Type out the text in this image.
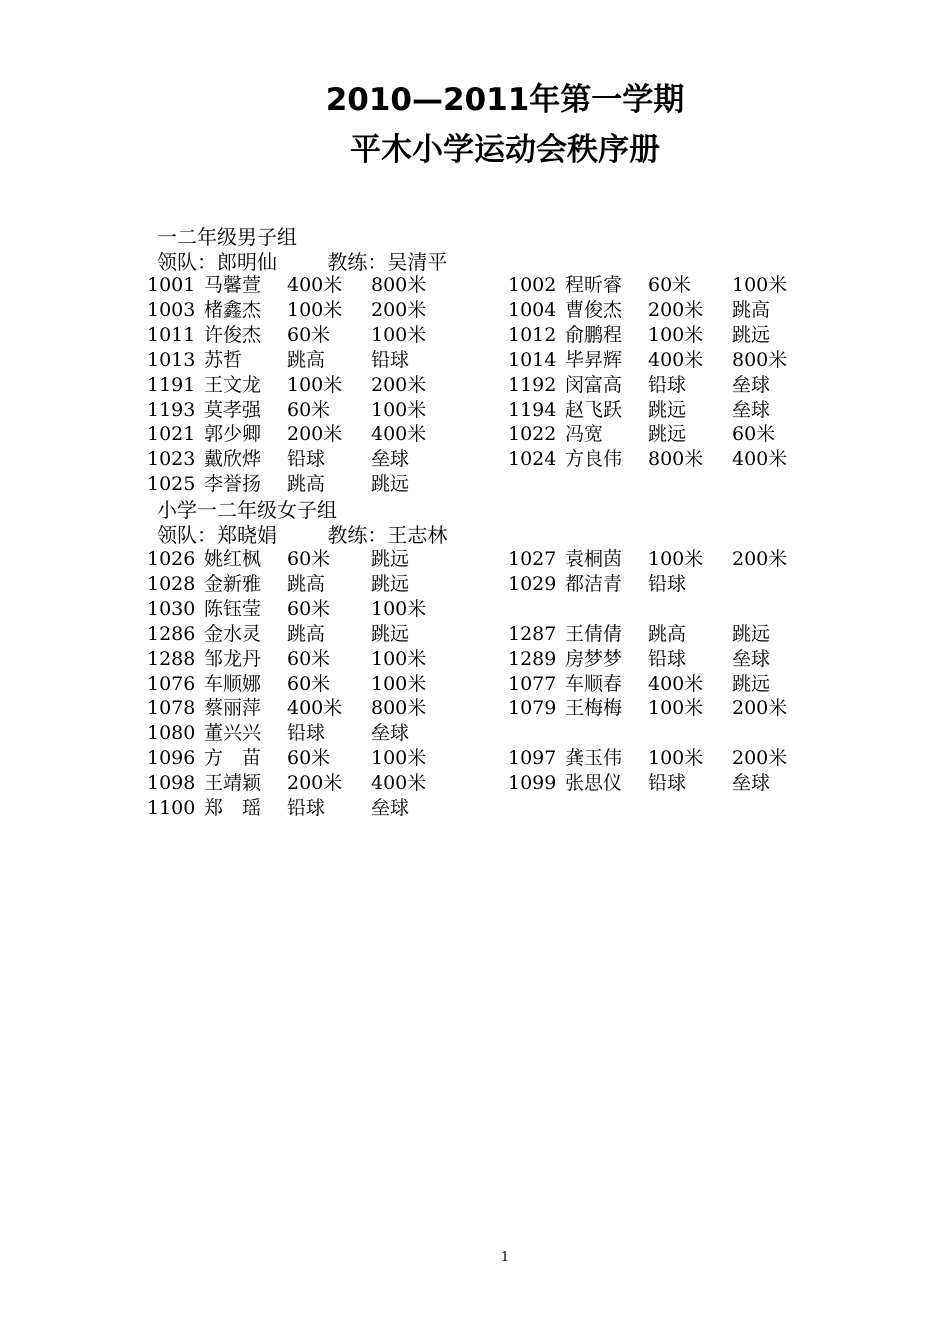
2010—2011年第一学期
平木小学运动会秩序册
一二年级男子组
领队：郎明仙	教练：吴清平
1001 马馨萱 400米 800米	1002 程昕睿 60米 100米
1003 楮鑫杰 100米 200米	1004 曹俊杰 200米 跳高
1011 许俊杰 60米 100米	1012 俞鹏程 100米 跳远
1013 苏哲 跳高 铅球	1014 毕昇辉 400米 800米
1191 王文龙 100米 200米	1192 闵富高 铅球 垒球
1193 莫孝强 60米 100米	1194 赵飞跃 跳远 垒球
1021 郭少卿 200米 400米	1022 冯宽 跳远 60米
1023 戴欣烨 铅球 垒球	1024 方良伟 800米 400米
1025 李誉扬 跳高 跳远
小学一二年级女子组
领队：郑晓娟	教练：王志林
1026 姚红枫 60米 跳远	1027 袁桐茵 100米 200米
1028 金新雅 跳高 跳远	1029 都洁青 铅球
1030 陈钰莹 60米 100米
1286 金水灵 跳高 跳远	1287 王倩倩 跳高 跳远
1288 邹龙丹 60米 100米	1289 房梦梦 铅球 垒球
1076 车顺娜 60米 100米	1077 车顺春 400米 跳远
1078 蔡丽萍 400米 800米	1079 王梅梅 100米 200米
1080 董兴兴 铅球 垒球
1096 方　苗 60米 100米	1097 龚玉伟 100米 200米
1098 王靖颖 200米 400米	1099 张思仪 铅球 垒球
1100 郑　瑶 铅球 垒球
1
